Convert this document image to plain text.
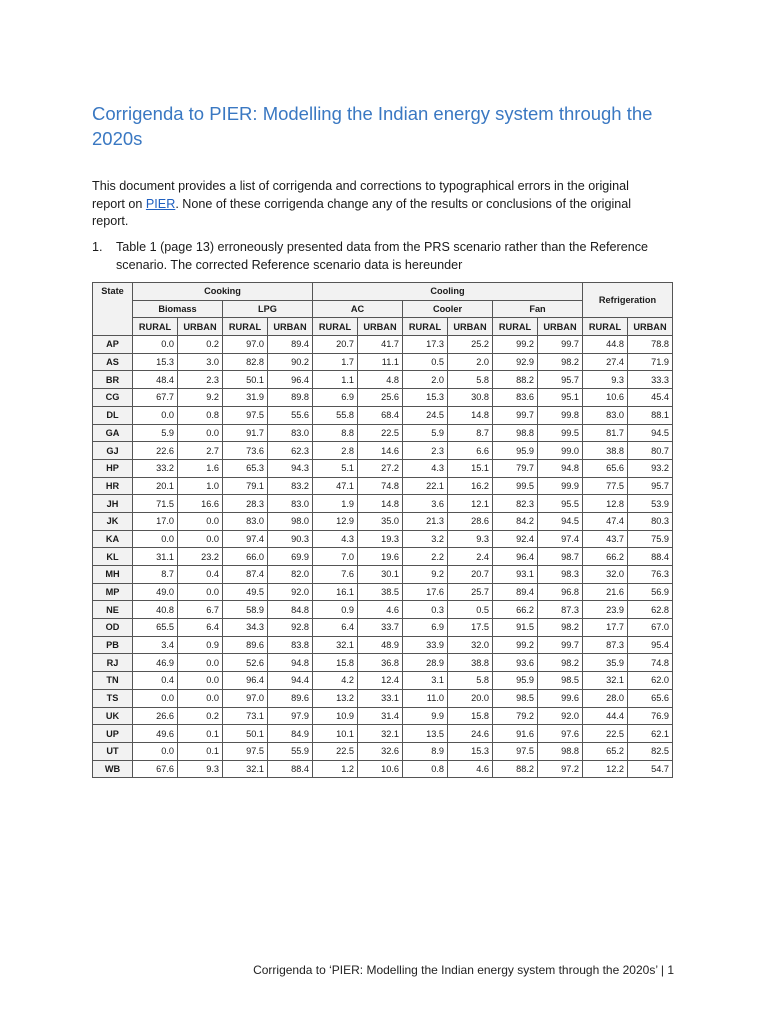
Corrigenda to PIER: Modelling the Indian energy system through the 2020s

This document provides a list of corrigenda and corrections to typographical errors in the original report on PIER. None of these corrigenda change any of the results or conclusions of the original report.

1.	Table 1 (page 13) erroneously presented data from the PRS scenario rather than the Reference scenario. The corrected Reference scenario data is hereunder
State	Cooking				Cooling						Refrigeration	
	Biomass		LPG		AC		Cooler		Fan			
	RURAL	URBAN	RURAL	URBAN	RURAL	URBAN	RURAL	URBAN	RURAL	URBAN	RURAL	URBAN
AP	0.0	0.2	97.0	89.4	20.7	41.7	17.3	25.2	99.2	99.7	44.8	78.8
AS	15.3	3.0	82.8	90.2	1.7	11.1	0.5	2.0	92.9	98.2	27.4	71.9
BR	48.4	2.3	50.1	96.4	1.1	4.8	2.0	5.8	88.2	95.7	9.3	33.3
CG	67.7	9.2	31.9	89.8	6.9	25.6	15.3	30.8	83.6	95.1	10.6	45.4
DL	0.0	0.8	97.5	55.6	55.8	68.4	24.5	14.8	99.7	99.8	83.0	88.1
GA	5.9	0.0	91.7	83.0	8.8	22.5	5.9	8.7	98.8	99.5	81.7	94.5
GJ	22.6	2.7	73.6	62.3	2.8	14.6	2.3	6.6	95.9	99.0	38.8	80.7
HP	33.2	1.6	65.3	94.3	5.1	27.2	4.3	15.1	79.7	94.8	65.6	93.2
HR	20.1	1.0	79.1	83.2	47.1	74.8	22.1	16.2	99.5	99.9	77.5	95.7
JH	71.5	16.6	28.3	83.0	1.9	14.8	3.6	12.1	82.3	95.5	12.8	53.9
JK	17.0	0.0	83.0	98.0	12.9	35.0	21.3	28.6	84.2	94.5	47.4	80.3
KA	0.0	0.0	97.4	90.3	4.3	19.3	3.2	9.3	92.4	97.4	43.7	75.9
KL	31.1	23.2	66.0	69.9	7.0	19.6	2.2	2.4	96.4	98.7	66.2	88.4
MH	8.7	0.4	87.4	82.0	7.6	30.1	9.2	20.7	93.1	98.3	32.0	76.3
MP	49.0	0.0	49.5	92.0	16.1	38.5	17.6	25.7	89.4	96.8	21.6	56.9
NE	40.8	6.7	58.9	84.8	0.9	4.6	0.3	0.5	66.2	87.3	23.9	62.8
OD	65.5	6.4	34.3	92.8	6.4	33.7	6.9	17.5	91.5	98.2	17.7	67.0
PB	3.4	0.9	89.6	83.8	32.1	48.9	33.9	32.0	99.2	99.7	87.3	95.4
RJ	46.9	0.0	52.6	94.8	15.8	36.8	28.9	38.8	93.6	98.2	35.9	74.8
TN	0.4	0.0	96.4	94.4	4.2	12.4	3.1	5.8	95.9	98.5	32.1	62.0
TS	0.0	0.0	97.0	89.6	13.2	33.1	11.0	20.0	98.5	99.6	28.0	65.6
UK	26.6	0.2	73.1	97.9	10.9	31.4	9.9	15.8	79.2	92.0	44.4	76.9
UP	49.6	0.1	50.1	84.9	10.1	32.1	13.5	24.6	91.6	97.6	22.5	62.1
UT	0.0	0.1	97.5	55.9	22.5	32.6	8.9	15.3	97.5	98.8	65.2	82.5
WB	67.6	9.3	32.1	88.4	1.2	10.6	0.8	4.6	88.2	97.2	12.2	54.7
Corrigenda to ‘PIER: Modelling the Indian energy system through the 2020s’ | 1
